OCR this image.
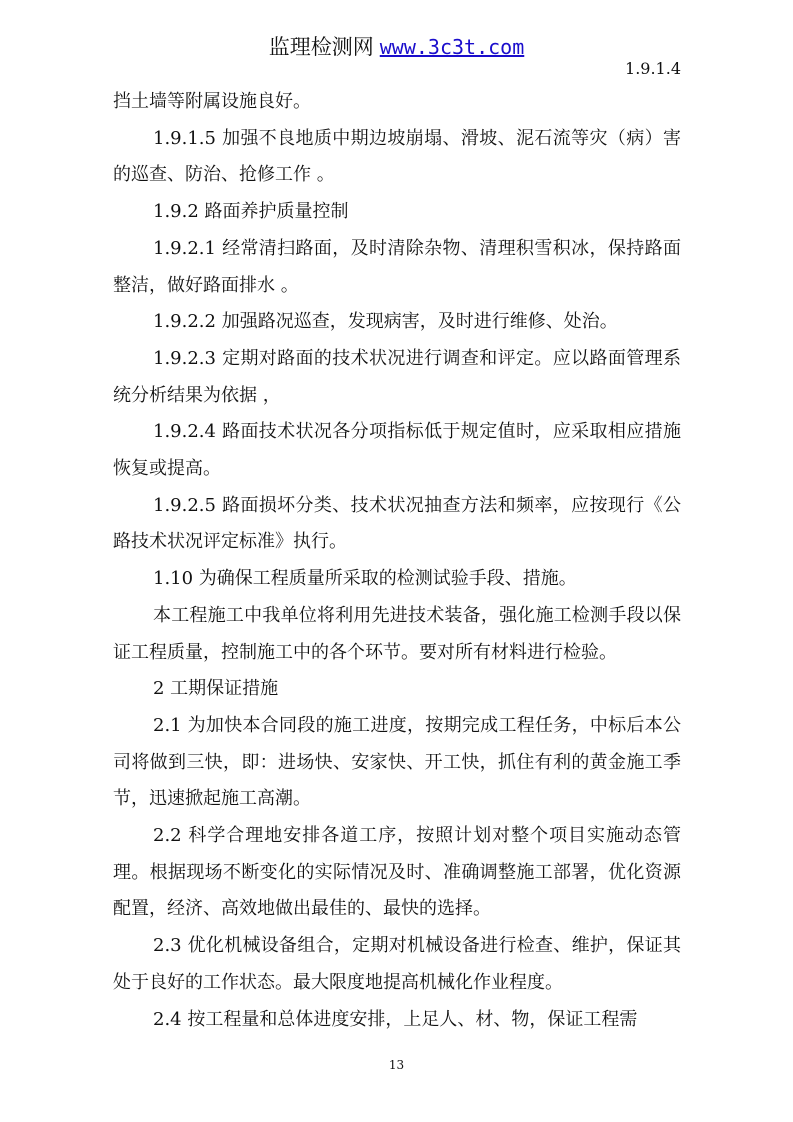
监理检测网 www.3c3t.com
1.9.1.4

挡土墙等附属设施良好。

1.9.1.5 加强不良地质中期边坡崩塌、滑坡、泥石流等灾（病）害的巡查、防治、抢修工作 。

1.9.2 路面养护质量控制

1.9.2.1 经常清扫路面，及时清除杂物、清理积雪积冰，保持路面整洁，做好路面排水 。

1.9.2.2 加强路况巡查，发现病害，及时进行维修、处治。

1.9.2.3 定期对路面的技术状况进行调查和评定。应以路面管理系统分析结果为依据 ，

1.9.2.4 路面技术状况各分项指标低于规定值时，应采取相应措施恢复或提高。

1.9.2.5 路面损坏分类、技术状况抽查方法和频率，应按现行《公路技术状况评定标准》执行。

1.10 为确保工程质量所采取的检测试验手段、措施。

本工程施工中我单位将利用先进技术装备，强化施工检测手段以保证工程质量，控制施工中的各个环节。要对所有材料进行检验。

2 工期保证措施

2.1 为加快本合同段的施工进度，按期完成工程任务，中标后本公司将做到三快，即：进场快、安家快、开工快，抓住有利的黄金施工季节，迅速掀起施工高潮。

2.2 科学合理地安排各道工序，按照计划对整个项目实施动态管理。根据现场不断变化的实际情况及时、准确调整施工部署，优化资源配置，经济、高效地做出最佳的、最快的选择。

2.3 优化机械设备组合，定期对机械设备进行检查、维护，保证其处于良好的工作状态。最大限度地提高机械化作业程度。

2.4 按工程量和总体进度安排，上足人、材、物，保证工程需

13
